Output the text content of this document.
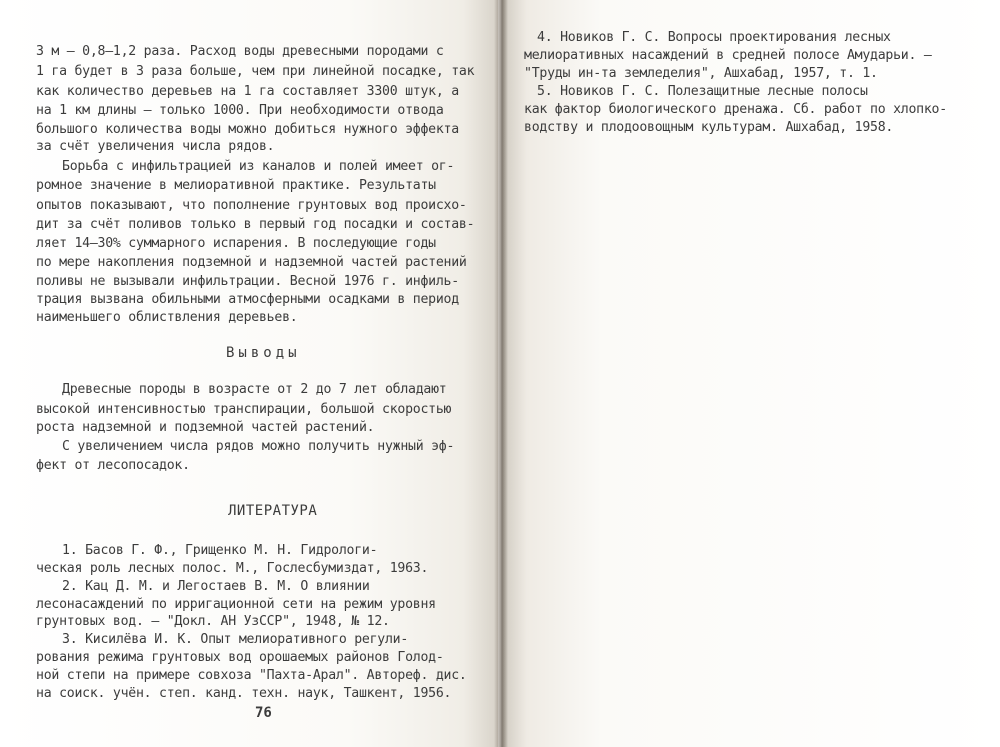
3 м – 0,8–1,2 раза. Расход воды древесными породами с
1 га будет в 3 раза больше, чем при линейной посадке, так
как количество деревьев на 1 га составляет 3300 штук, а
на 1 км длины – только 1000. При необходимости отвода
большого количества воды можно добиться нужного эффекта
за счёт увеличения числа рядов.
Борьба с инфильтрацией из каналов и полей имеет ог-
ромное значение в мелиоративной практике. Результаты
опытов показывают, что пополнение грунтовых вод происхо-
дит за счёт поливов только в первый год посадки и состав-
ляет 14–30% суммарного испарения. В последующие годы
по мере накопления подземной и надземной частей растений
поливы не вызывали инфильтрации. Весной 1976 г. инфиль-
трация вызвана обильными атмосферными осадками в период
наименьшего облиствления деревьев.
Выводы
Древесные породы в возрасте от 2 до 7 лет обладают
высокой интенсивностью транспирации, большой скоростью
роста надземной и подземной частей растений.
С увеличением числа рядов можно получить нужный эф-
фект от лесопосадок.
ЛИТЕРАТУРА
1. Басов Г. Ф., Грищенко М. Н. Гидрологи-
ческая роль лесных полос. М., Гослесбумиздат, 1963.
2. Кац Д. М. и Легостаев В. М. О влиянии
лесонасаждений по ирригационной сети на режим уровня
грунтовых вод. – "Докл. АН УзССР", 1948, № 12.
3. Кисилёва И. К. Опыт мелиоративного регули-
рования режима грунтовых вод орошаемых районов Голод-
ной степи на примере совхоза "Пахта-Арал". Автореф. дис.
на соиск. учён. степ. канд. техн. наук, Ташкент, 1956.
76
4. Новиков Г. С. Вопросы проектирования лесных
мелиоративных насаждений в средней полосе Амударьи. –
"Труды ин-та земледелия", Ашхабад, 1957, т. 1.
5. Новиков Г. С. Полезащитные лесные полосы
как фактор биологического дренажа. Сб. работ по хлопко-
водству и плодоовощным культурам. Ашхабад, 1958.
